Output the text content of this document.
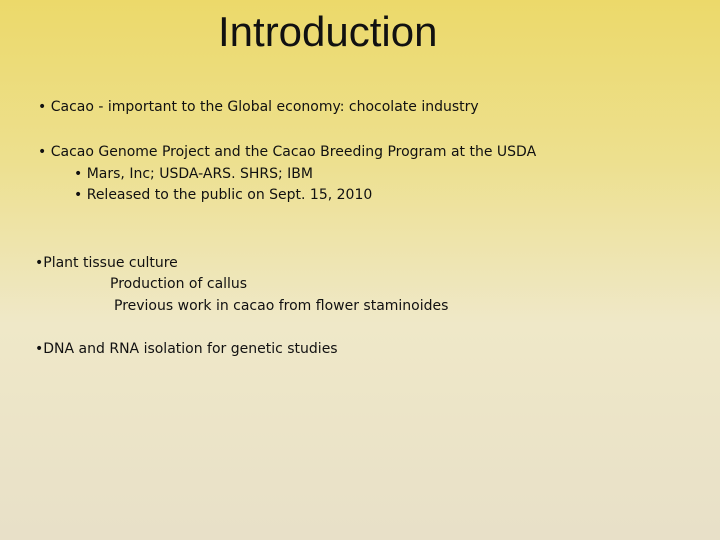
Introduction
• Cacao - important to the Global economy: chocolate industry
• Cacao Genome Project and the Cacao Breeding Program at the USDA
• Mars, Inc; USDA-ARS. SHRS; IBM
• Released to the public on Sept. 15, 2010
•Plant tissue culture
Production of callus
Previous work in cacao from flower staminoides
•DNA and RNA isolation for genetic studies
